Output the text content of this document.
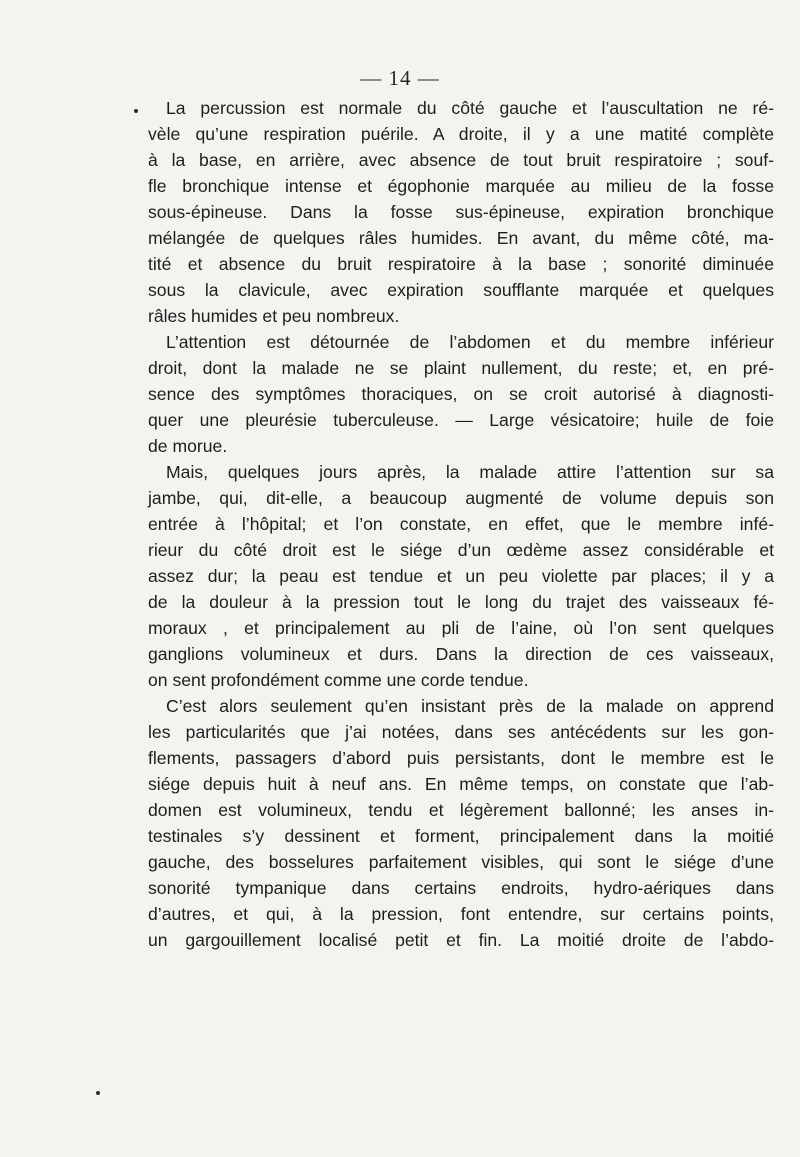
— 14 —
La percussion est normale du côté gauche et l’auscultation ne ré-
vèle qu’une respiration puérile. A droite, il y a une matité complète
à la base, en arrière, avec absence de tout bruit respiratoire ; souf-
fle bronchique intense et égophonie marquée au milieu de la fosse
sous-épineuse. Dans la fosse sus-épineuse, expiration bronchique
mélangée de quelques râles humides. En avant, du même côté, ma-
tité et absence du bruit respiratoire à la base ; sonorité diminuée
sous la clavicule, avec expiration soufflante marquée et quelques
râles humides et peu nombreux.
L’attention est détournée de l’abdomen et du membre inférieur
droit, dont la malade ne se plaint nullement, du reste; et, en pré-
sence des symptômes thoraciques, on se croit autorisé à diagnosti-
quer une pleurésie tuberculeuse. — Large vésicatoire; huile de foie
de morue.
Mais, quelques jours après, la malade attire l’attention sur sa
jambe, qui, dit-elle, a beaucoup augmenté de volume depuis son
entrée à l’hôpital; et l’on constate, en effet, que le membre infé-
rieur du côté droit est le siége d’un œdème assez considérable et
assez dur; la peau est tendue et un peu violette par places; il y a
de la douleur à la pression tout le long du trajet des vaisseaux fé-
moraux , et principalement au pli de l’aine, où l’on sent quelques
ganglions volumineux et durs. Dans la direction de ces vaisseaux,
on sent profondément comme une corde tendue.
C’est alors seulement qu’en insistant près de la malade on apprend
les particularités que j’ai notées, dans ses antécédents sur les gon-
flements, passagers d’abord puis persistants, dont le membre est le
siége depuis huit à neuf ans. En même temps, on constate que l’ab-
domen est volumineux, tendu et légèrement ballonné; les anses in-
testinales s’y dessinent et forment, principalement dans la moitié
gauche, des bosselures parfaitement visibles, qui sont le siége d’une
sonorité tympanique dans certains endroits, hydro-aériques dans
d’autres, et qui, à la pression, font entendre, sur certains points,
un gargouillement localisé petit et fin. La moitié droite de l’abdo-
